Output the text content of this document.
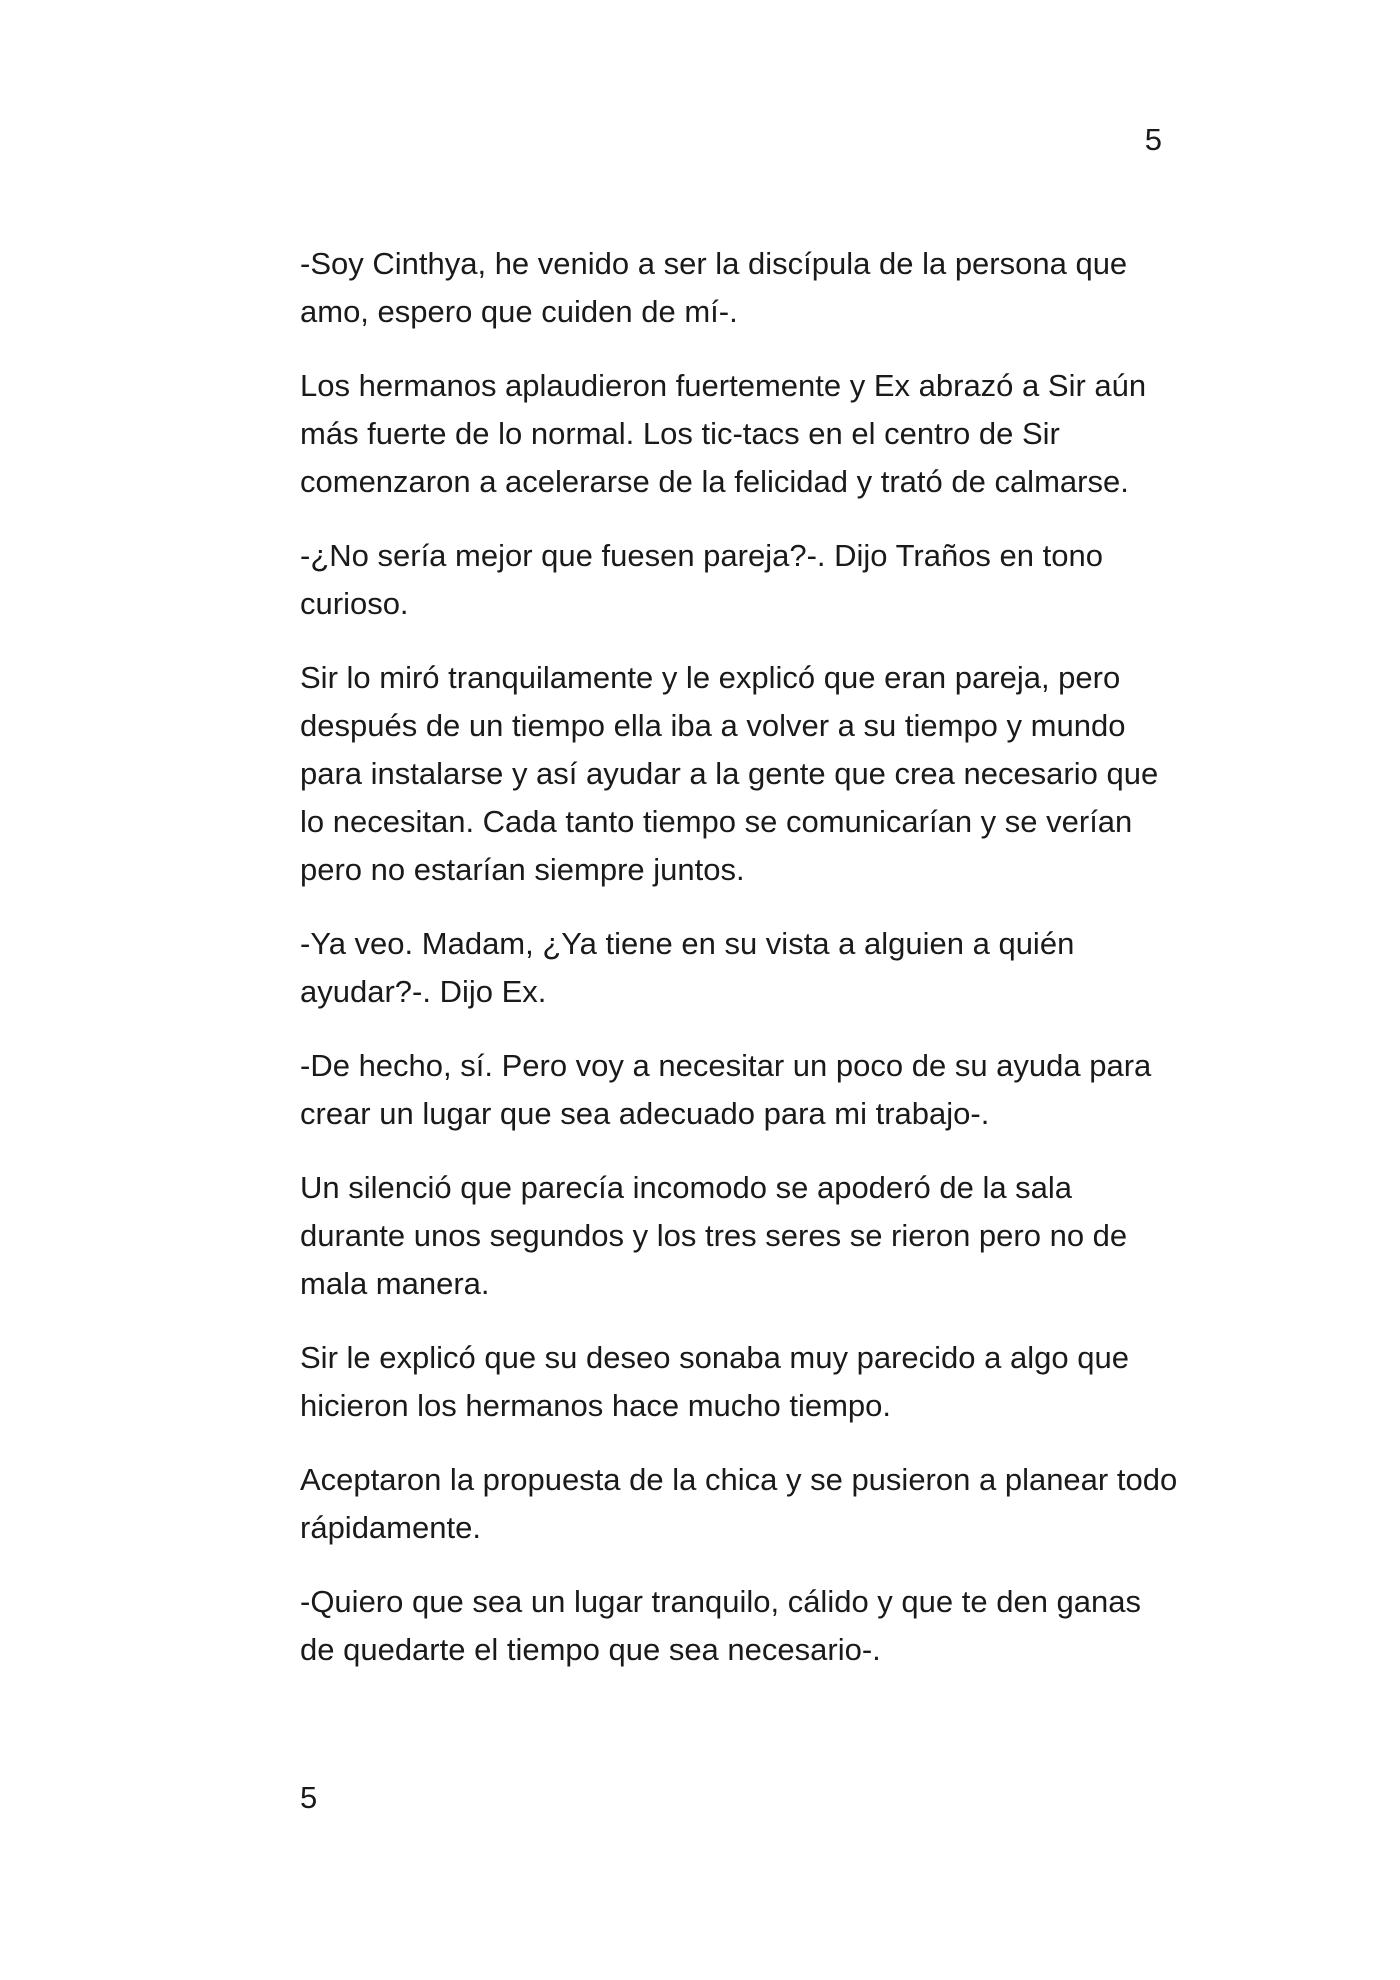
5

-Soy Cinthya, he venido a ser la discípula de la persona que amo, espero que cuiden de mí-.

Los hermanos aplaudieron fuertemente y Ex abrazó a Sir aún más fuerte de lo normal. Los tic-tacs en el centro de Sir comenzaron a acelerarse de la felicidad y trató de calmarse.

-¿No sería mejor que fuesen pareja?-. Dijo Traños en tono curioso.

Sir lo miró tranquilamente y le explicó que eran pareja, pero después de un tiempo ella iba a volver a su tiempo y mundo para instalarse y así ayudar a la gente que crea necesario que lo necesitan. Cada tanto tiempo se comunicarían y se verían pero no estarían siempre juntos.

-Ya veo. Madam, ¿Ya tiene en su vista a alguien a quién ayudar?-. Dijo Ex.

-De hecho, sí. Pero voy a necesitar un poco de su ayuda para crear un lugar que sea adecuado para mi trabajo-.

Un silenció que parecía incomodo se apoderó de la sala durante unos segundos y los tres seres se rieron pero no de mala manera.

Sir le explicó que su deseo sonaba muy parecido a algo que hicieron los hermanos hace mucho tiempo.

Aceptaron la propuesta de la chica y se pusieron a planear todo rápidamente.

-Quiero que sea un lugar tranquilo, cálido y que te den ganas de quedarte el tiempo que sea necesario-.

5
